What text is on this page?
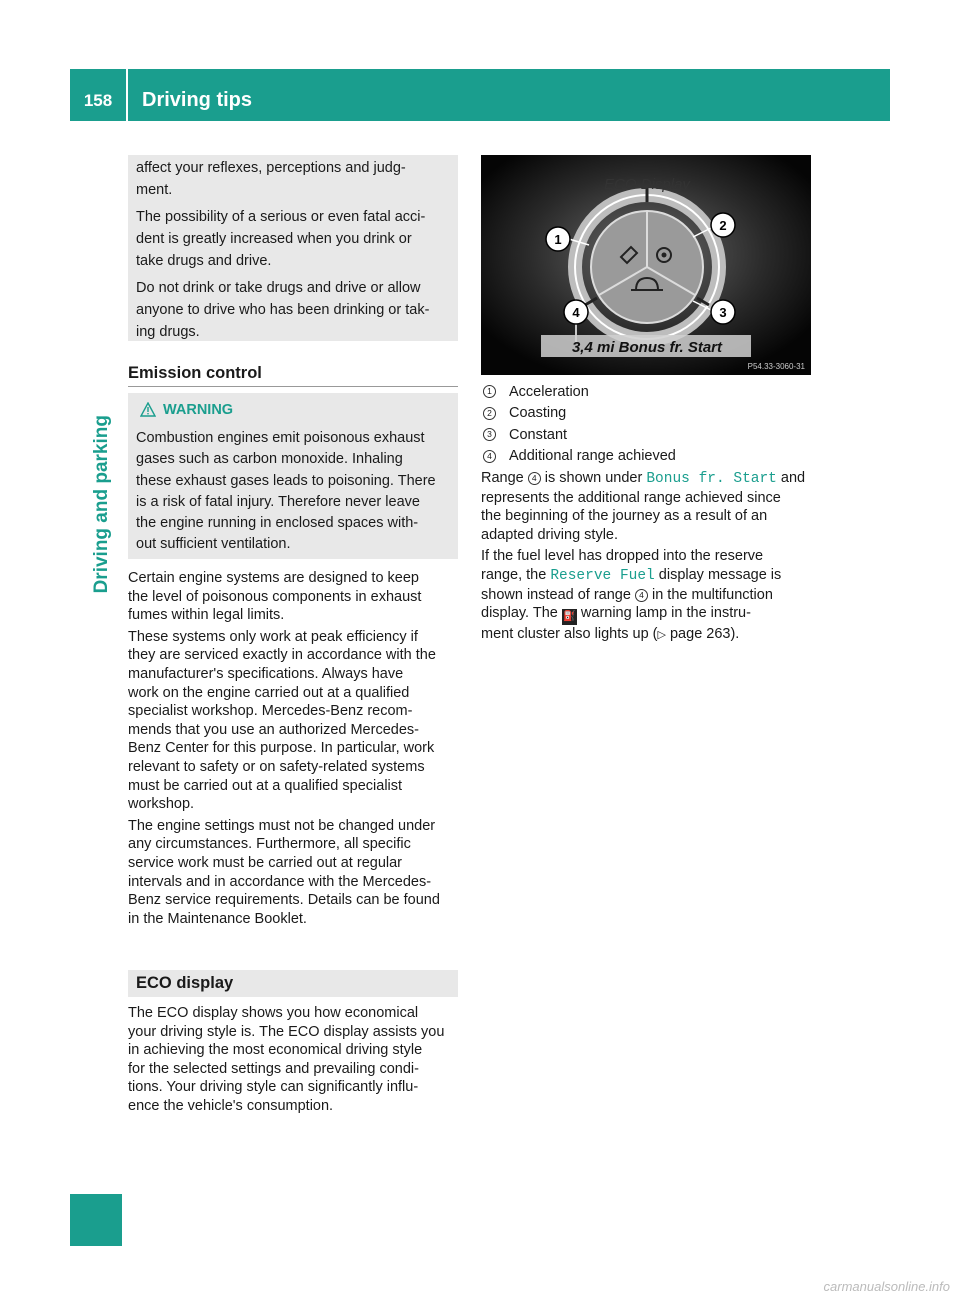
158	Driving tips
Driving and parking
affect your reflexes, perceptions and judg-
ment.
The possibility of a serious or even fatal acci-
dent is greatly increased when you drink or
take drugs and drive.
Do not drink or take drugs and drive or allow
anyone to drive who has been drinking or tak-
ing drugs.
Emission control
WARNING
Combustion engines emit poisonous exhaust
gases such as carbon monoxide. Inhaling
these exhaust gases leads to poisoning. There
is a risk of fatal injury. Therefore never leave
the engine running in enclosed spaces with-
out sufficient ventilation.
Certain engine systems are designed to keep
the level of poisonous components in exhaust
fumes within legal limits.
These systems only work at peak efficiency if
they are serviced exactly in accordance with the
manufacturer's specifications. Always have
work on the engine carried out at a qualified
specialist workshop. Mercedes-Benz recom-
mends that you use an authorized Mercedes-
Benz Center for this purpose. In particular, work
relevant to safety or on safety-related systems
must be carried out at a qualified specialist
workshop.
The engine settings must not be changed under
any circumstances. Furthermore, all specific
service work must be carried out at regular
intervals and in accordance with the Mercedes-
Benz service requirements. Details can be found
in the Maintenance Booklet.
ECO display
The ECO display shows you how economical
your driving style is. The ECO display assists you
in achieving the most economical driving style
for the selected settings and prevailing condi-
tions. Your driving style can significantly influ-
ence the vehicle's consumption.
1
2
3
4
ECO Display
3,4 mi Bonus fr. Start
P54.33-3060-31
1 Acceleration
2 Coasting
3 Constant
4 Additional range achieved
Range 4 is shown under Bonus fr. Start and
represents the additional range achieved since
the beginning of the journey as a result of an
adapted driving style.
If the fuel level has dropped into the reserve
range, the Reserve Fuel display message is
shown instead of range 4 in the multifunction
display. The ⛽ warning lamp in the instru-
ment cluster also lights up (▷ page 263).
carmanualsonline.info
